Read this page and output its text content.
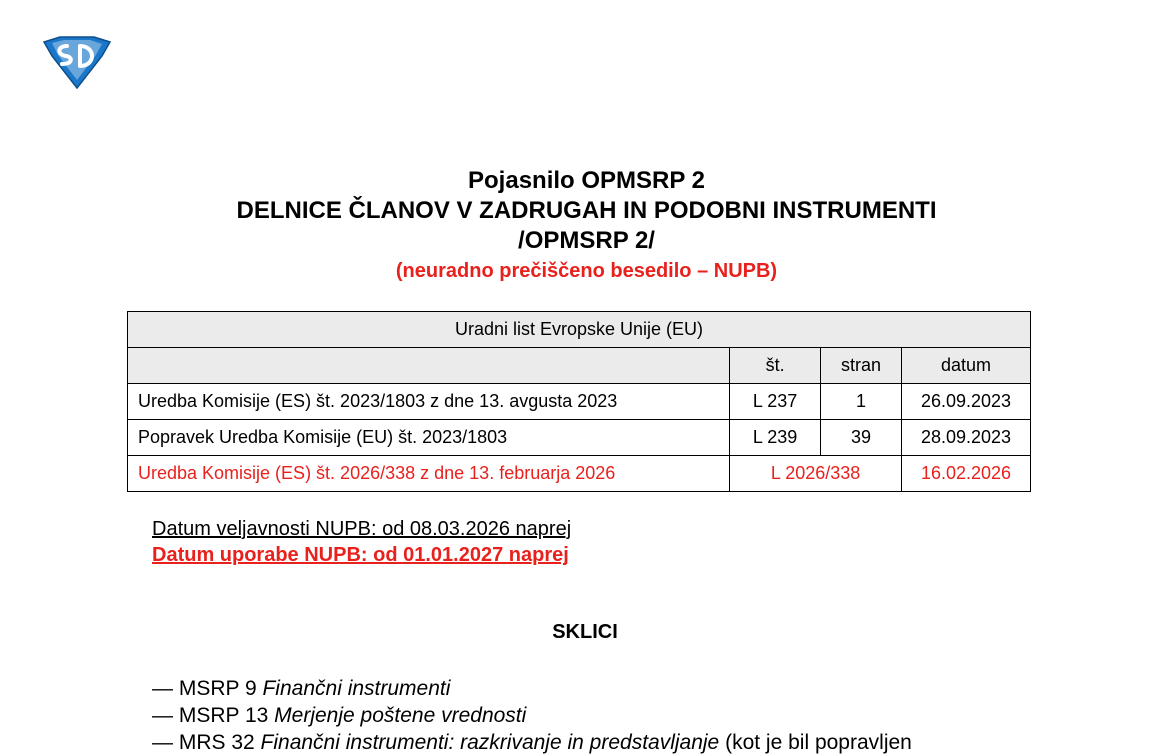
Pojasnilo OPMSRP 2
DELNICE ČLANOV V ZADRUGAH IN PODOBNI INSTRUMENTI
/OPMSRP 2/
(neuradno prečiščeno besedilo – NUPB)
Uradni list Evropske Unije (EU)			
	št.	stran	datum
Uredba Komisije (ES) št. 2023/1803 z dne 13. avgusta 2023	L 237	1	26.09.2023
Popravek Uredba Komisije (EU) št. 2023/1803	L 239	39	28.09.2023
Uredba Komisije (ES) št. 2026/338 z dne 13. februarja 2026	L 2026/338		16.02.2026
Datum veljavnosti NUPB: od 08.03.2026 naprej
Datum uporabe NUPB: od 01.01.2027 naprej
SKLICI
— MSRP 9 Finančni instrumenti
— MSRP 13 Merjenje poštene vrednosti
— MRS 32 Finančni instrumenti: razkrivanje in predstavljanje (kot je bil popravljen
